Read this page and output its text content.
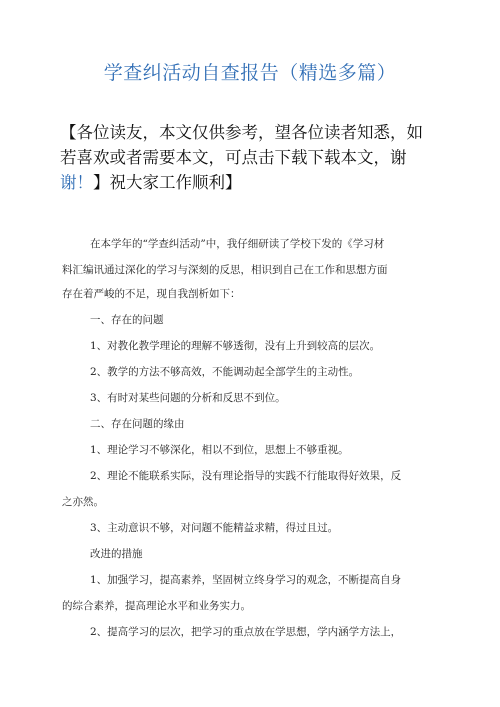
学查纠活动自查报告（精选多篇）
【各位读友，本文仅供参考，望各位读者知悉，如
若喜欢或者需要本文，可点击下载下载本文，谢
谢！】祝大家工作顺利】
在本学年的“学查纠活动”中，我仔细研读了学校下发的《学习材
料汇编讯通过深化的学习与深刻的反思，相识到自己在工作和思想方面
存在着严峻的不足，现自我剖析如下：
一、存在的问题
1、对教化教学理论的理解不够透彻，没有上升到较高的层次。
2、教学的方法不够高效，不能调动起全部学生的主动性。
3、有时对某些问题的分析和反思不到位。
二、存在问题的缘由
1、理论学习不够深化，相以不到位，思想上不够重视。
2、理论不能联系实际，没有理论指导的实践不行能取得好效果，反
之亦然。
3、主动意识不够，对问题不能精益求精，得过且过。
改进的措施
1、加强学习，提高素养，坚固树立终身学习的观念，不断提高自身
的综合素养，提高理论水平和业务实力。
2、提高学习的层次，把学习的重点放在学思想，学内涵学方法上，
